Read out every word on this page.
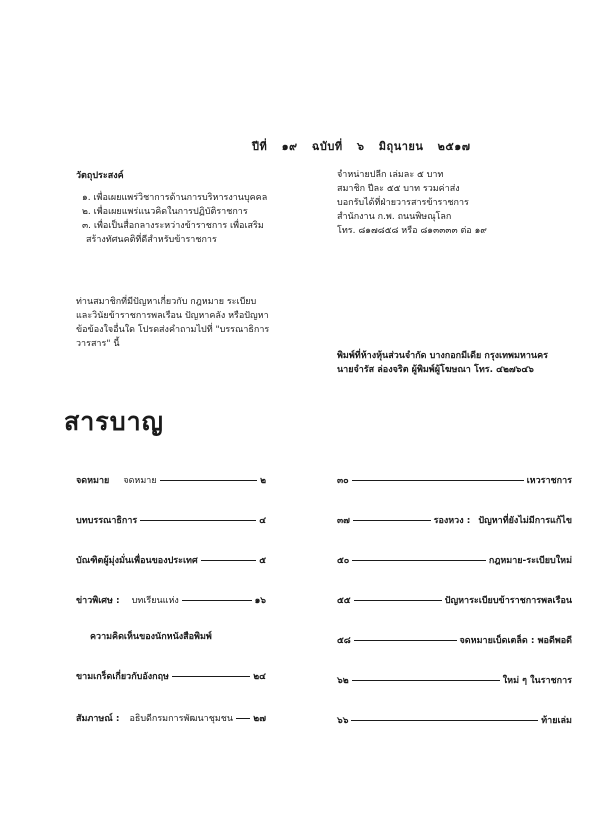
ปีที่ ๑๙ ฉบับที่ ๖ มิถุนายน ๒๕๑๗
วัตถุประสงค์
๑. เพื่อเผยแพร่วิชาการด้านการบริหารงานบุคคล
๒. เพื่อเผยแพร่แนวคิดในการปฏิบัติราชการ
๓. เพื่อเป็นสื่อกลางระหว่างข้าราชการ เพื่อเสริม
สร้างทัศนคติที่ดีสำหรับข้าราชการ
จำหน่ายปลีก เล่มละ ๕ บาท
สมาชิก ปีละ ๕๕ บาท รวมค่าส่ง
บอกรับได้ที่ฝ่ายวารสารข้าราชการ
สำนักงาน ก.พ. ถนนพิษณุโลก
โทร. ๘๑๗๘๕๘ หรือ ๘๑๓๓๓๓ ต่อ ๑๙
ท่านสมาชิกที่มีปัญหาเกี่ยวกับ กฎหมาย ระเบียบ
และวินัยข้าราชการพลเรือน ปัญหาคลัง หรือปัญหา
ข้อข้องใจอื่นใด โปรดส่งคำถามไปที่ "บรรณาธิการ
วารสาร" นี้
พิมพ์ที่ห้างหุ้นส่วนจำกัด บางกอกมีเดีย กรุงเทพมหานคร
นายจำรัส ล่องจริต ผู้พิมพ์ผู้โฆษณา โทร. ๔๒๗๖๔๖
สารบาญ
จดหมาย จดหมาย	๒
บทบรรณาธิการ	๔
บัณฑิตผู้มุ่งมั่นเพื่อนของประเทศ	๕
ข่าวพิเศษ : บทเรียนแห่ง	๑๖
ความคิดเห็นของนักหนังสือพิมพ์
ขามเกร็ดเกี่ยวกับอังกฤษ	๒๔
สัมภาษณ์ : อธิบดีกรมการพัฒนาชุมชน ๒๗
๓๐	เหวราชการ
๓๗	รองหวง : ปัญหาที่ยังไม่มีการแก้ไข
๕๐	กฎหมาย-ระเบียบใหม่
๕๕	ปัญหาระเบียบข้าราชการพลเรือน
๕๘	จดหมายเบ็ดเตล็ด : พอดีพอดี
๖๒	ใหม่ ๆ ในราชการ
๖๖	ท้ายเล่ม
